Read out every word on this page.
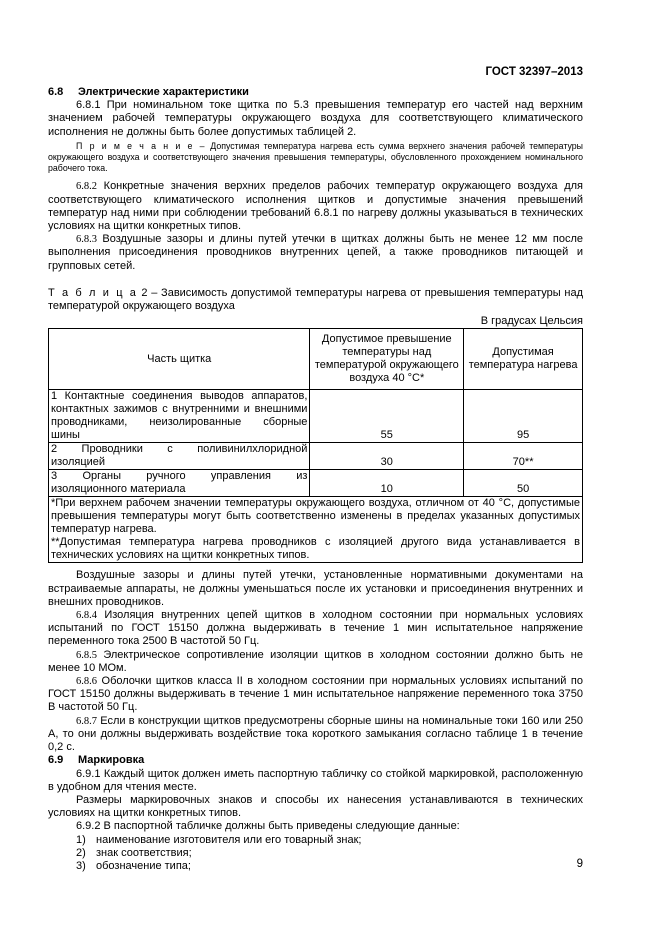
ГОСТ 32397–2013
6.8 Электрические характеристики

6.8.1 При номинальном токе щитка по 5.3 превышения температур его частей над верхним значением рабочей температуры окружающего воздуха для соответствующего климатического исполнения не должны быть более допустимых таблицей 2.

П р и м е ч а н и е – Допустимая температура нагрева есть сумма верхнего значения рабочей температуры окружающего воздуха и соответствующего значения превышения температуры, обусловленного прохождением номинального рабочего тока.

6.8.2 Конкретные значения верхних пределов рабочих температур окружающего воздуха для соответствующего климатического исполнения щитков и допустимые значения превышений температур над ними при соблюдении требований 6.8.1 по нагреву должны указываться в технических условиях на щитки конкретных типов.

6.8.3 Воздушные зазоры и длины путей утечки в щитках должны быть не менее 12 мм после выполнения присоединения проводников внутренних цепей, а также проводников питающей и групповых сетей.

Т а б л и ц а 2 – Зависимость допустимой температуры нагрева от превышения температуры над температурой окружающего воздуха

В градусах Цельсия
Часть щитка	Допустимое превышение температуры над температурой окружающего воздуха 40 °С*	Допустимая температура нагрева

1 Контактные соединения выводов аппаратов, контактных зажимов с внутренними и внешними проводниками, неизолированные сборные
шины	55	95

2 Проводники с поливинилхлоридной
изоляцией	30	70**

3 Органы ручного управления из
изоляционного материала	10	50

*При верхнем рабочем значении температуры окружающего воздуха, отличном от 40 °С, допустимые превышения температуры могут быть соответственно изменены в пределах указанных допустимых температур нагрева.
**Допустимая температура нагрева проводников с изоляцией другого вида устанавливается в технических условиях на щитки конкретных типов.		

Воздушные зазоры и длины путей утечки, установленные нормативными документами на встраиваемые аппараты, не должны уменьшаться после их установки и присоединения внутренних и внешних проводников.

6.8.4 Изоляция внутренних цепей щитков в холодном состоянии при нормальных условиях испытаний по ГОСТ 15150 должна выдерживать в течение 1 мин испытательное напряжение переменного тока 2500 В частотой 50 Гц.

6.8.5 Электрическое сопротивление изоляции щитков в холодном состоянии должно быть не менее 10 МОм.

6.8.6 Оболочки щитков класса II в холодном состоянии при нормальных условиях испытаний по ГОСТ 15150 должны выдерживать в течение 1 мин испытательное напряжение переменного тока 3750 В частотой 50 Гц.

6.8.7 Если в конструкции щитков предусмотрены сборные шины на номинальные токи 160 или 250 А, то они должны выдерживать воздействие тока короткого замыкания согласно таблице 1 в течение 0,2 с.

6.9 Маркировка

6.9.1 Каждый щиток должен иметь паспортную табличку со стойкой маркировкой, расположенную в удобном для чтения месте.

Размеры маркировочных знаков и способы их нанесения устанавливаются в технических условиях на щитки конкретных типов.

6.9.2 В паспортной табличке должны быть приведены следующие данные:

1) наименование изготовителя или его товарный знак;
2) знак соответствия;
3) обозначение типа;	9
